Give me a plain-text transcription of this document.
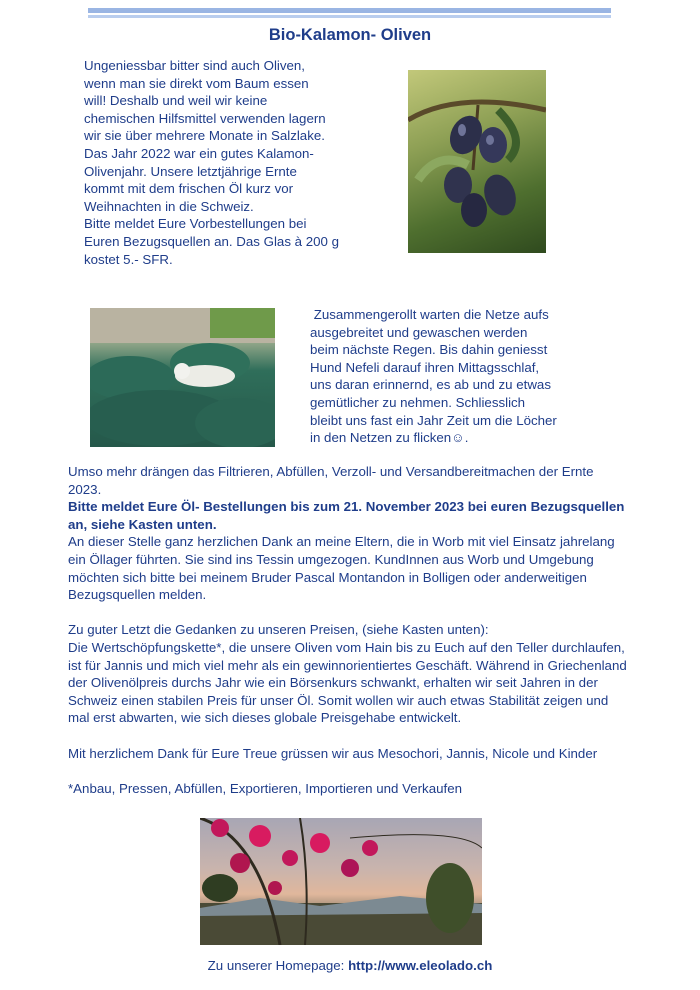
Bio-Kalamon- Oliven
Ungeniessbar bitter sind auch Oliven,
wenn man sie direkt vom Baum essen
will! Deshalb und weil wir keine
chemischen Hilfsmittel verwenden lagern
wir sie über mehrere Monate in Salzlake.
Das Jahr 2022 war ein gutes Kalamon-
Olivenjahr. Unsere letztjährige Ernte
kommt mit dem frischen Öl kurz vor
Weihnachten in die Schweiz.
Bitte meldet Eure Vorbestellungen bei
Euren Bezugsquellen an. Das Glas à 200 g
kostet 5.- SFR.
Zusammengerollt warten die Netze aufs
ausgebreitet und gewaschen werden
beim nächste Regen. Bis dahin geniesst
Hund Nefeli darauf ihren Mittagsschlaf,
uns daran erinnernd, es ab und zu etwas
gemütlicher zu nehmen. Schliesslich
bleibt uns fast ein Jahr Zeit um die Löcher
in den Netzen zu flicken☺.

Umso mehr drängen das Filtrieren, Abfüllen, Verzoll- und Versandbereitmachen der Ernte 2023.

Bitte meldet Eure Öl- Bestellungen bis zum 21. November 2023 bei euren Bezugsquellen an, siehe Kasten unten.

An dieser Stelle ganz herzlichen Dank an meine Eltern, die in Worb mit viel Einsatz jahrelang ein Öllager führten. Sie sind ins Tessin umgezogen. KundInnen aus Worb und Umgebung möchten sich bitte bei meinem Bruder Pascal Montandon in Bolligen oder anderweitigen Bezugsquellen melden.

Zu guter Letzt die Gedanken zu unseren Preisen, (siehe Kasten unten):

Die Wertschöpfungskette*, die unsere Oliven vom Hain bis zu Euch auf den Teller durchlaufen, ist für Jannis und mich viel mehr als ein gewinnorientiertes Geschäft. Während in Griechenland der Olivenölpreis durchs Jahr wie ein Börsenkurs schwankt, erhalten wir seit Jahren in der Schweiz einen stabilen Preis für unser Öl. Somit wollen wir auch etwas Stabilität zeigen und mal erst abwarten, wie sich dieses globale Preisgehabe entwickelt.

Mit herzlichem Dank für Eure Treue grüssen wir aus Mesochori, Jannis, Nicole und Kinder

*Anbau, Pressen, Abfüllen, Exportieren, Importieren und Verkaufen

Zu unserer Homepage: http://www.eleolado.ch
